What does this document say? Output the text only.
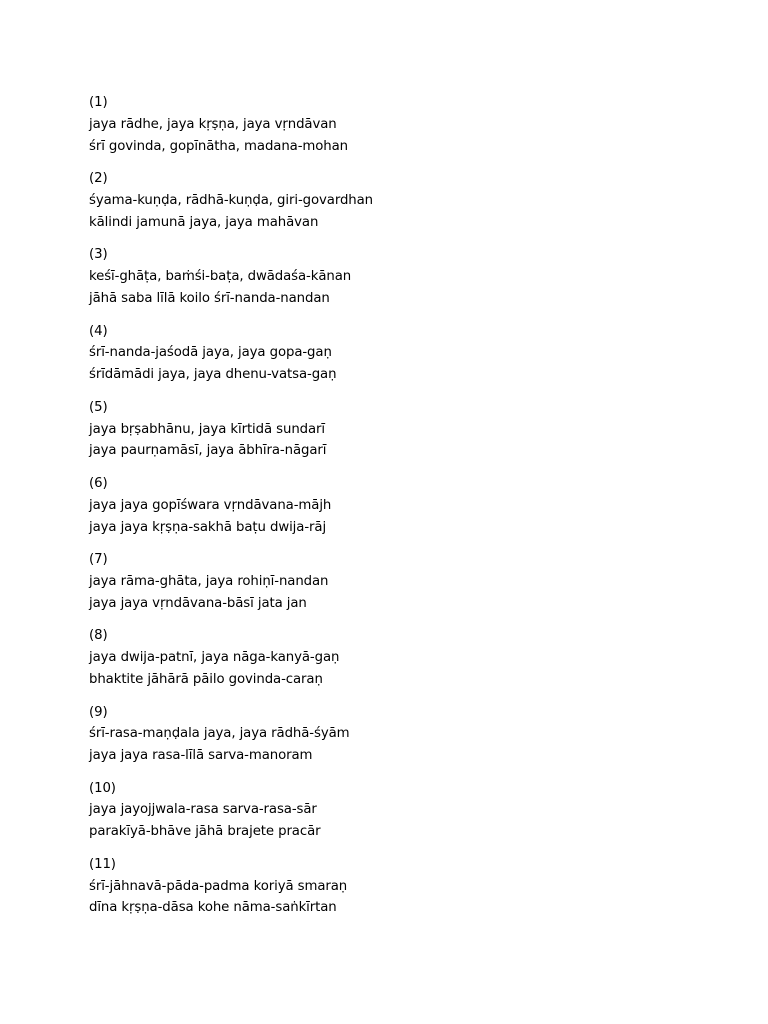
(1)
jaya rādhe, jaya kṛṣṇa, jaya vṛndāvan
śrī govinda, gopīnātha, madana-mohan
(2)
śyama-kuṇḍa, rādhā-kuṇḍa, giri-govardhan
kālindi jamunā jaya, jaya mahāvan
(3)
keśī-ghāṭa, baṁśi-baṭa, dwādaśa-kānan
jāhā saba līlā koilo śrī-nanda-nandan
(4)
śrī-nanda-jaśodā jaya, jaya gopa-gaṇ
śrīdāmādi jaya, jaya dhenu-vatsa-gaṇ
(5)
jaya bṛṣabhānu, jaya kīrtidā sundarī
jaya paurṇamāsī, jaya ābhīra-nāgarī
(6)
jaya jaya gopīśwara vṛndāvana-mājh
jaya jaya kṛṣṇa-sakhā baṭu dwija-rāj
(7)
jaya rāma-ghāta, jaya rohiṇī-nandan
jaya jaya vṛndāvana-bāsī jata jan
(8)
jaya dwija-patnī, jaya nāga-kanyā-gaṇ
bhaktite jāhārā pāilo govinda-caraṇ
(9)
śrī-rasa-maṇḍala jaya, jaya rādhā-śyām
jaya jaya rasa-līlā sarva-manoram
(10)
jaya jayojjwala-rasa sarva-rasa-sār
parakīyā-bhāve jāhā brajete pracār
(11)
śrī-jāhnavā-pāda-padma koriyā smaraṇ
dīna kṛṣṇa-dāsa kohe nāma-saṅkīrtan
